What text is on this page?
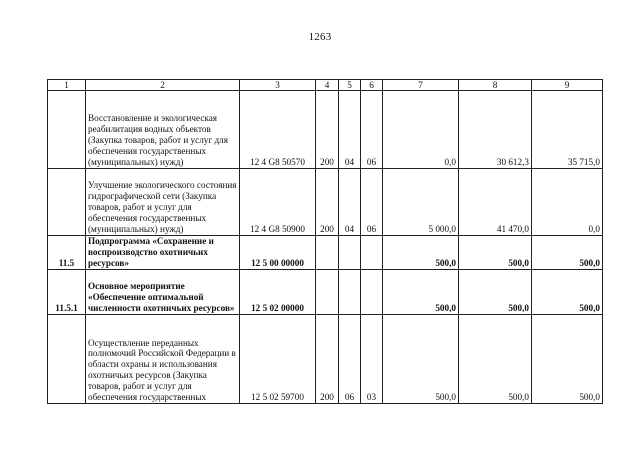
1263
1	2	3	4	5	6	7	8	9
	Восстановление и экологическая реабилитация водных объектов (Закупка товаров, работ и услуг для обеспечения государственных (муниципальных) нужд)	12 4 G8 50570	200	04	06	0,0	30 612,3	35 715,0
	Улучшение экологического состояния гидрографической сети (Закупка товаров, работ и услуг для обеспечения государственных (муниципальных) нужд)	12 4 G8 50900	200	04	06	5 000,0	41 470,0	0,0
11.5	Подпрограмма «Сохранение и воспроизводство охотничьих ресурсов»	12 5 00 00000				500,0	500,0	500,0
11.5.1	Основное мероприятие «Обеспечение оптимальной численности охотничьих ресурсов»	12 5 02 00000				500,0	500,0	500,0
	Осуществление переданных полномочий Российской Федерации в области охраны и использования охотничьих ресурсов (Закупка товаров, работ и услуг для обеспечения государственных	12 5 02 59700	200	06	03	500,0	500,0	500,0
